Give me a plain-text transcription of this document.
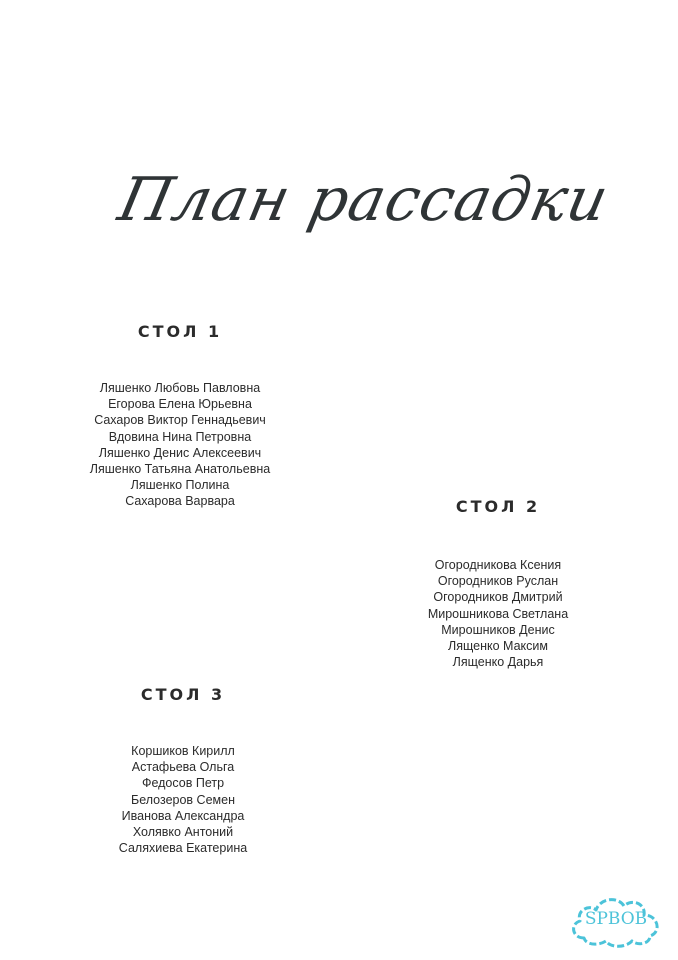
План рассадки
СТОЛ 1
Ляшенко Любовь Павловна
Егорова Елена Юрьевна
Сахаров Виктор Геннадьевич
Вдовина Нина Петровна
Ляшенко Денис Алексеевич
Ляшенко Татьяна Анатольевна
Ляшенко Полина
Сахарова Варвара	СТОЛ 2
Огородникова Ксения
Огородников Руслан
Огородников Дмитрий
Мирошникова Светлана
Мирошников Денис
Лященко Максим
Лященко Дарья
СТОЛ 3
Коршиков Кирилл
Астафьева Ольга
Федосов Петр
Белозеров Семен
Иванова Александра
Холявко Антоний
Саляхиева Екатерина
SPBOB
